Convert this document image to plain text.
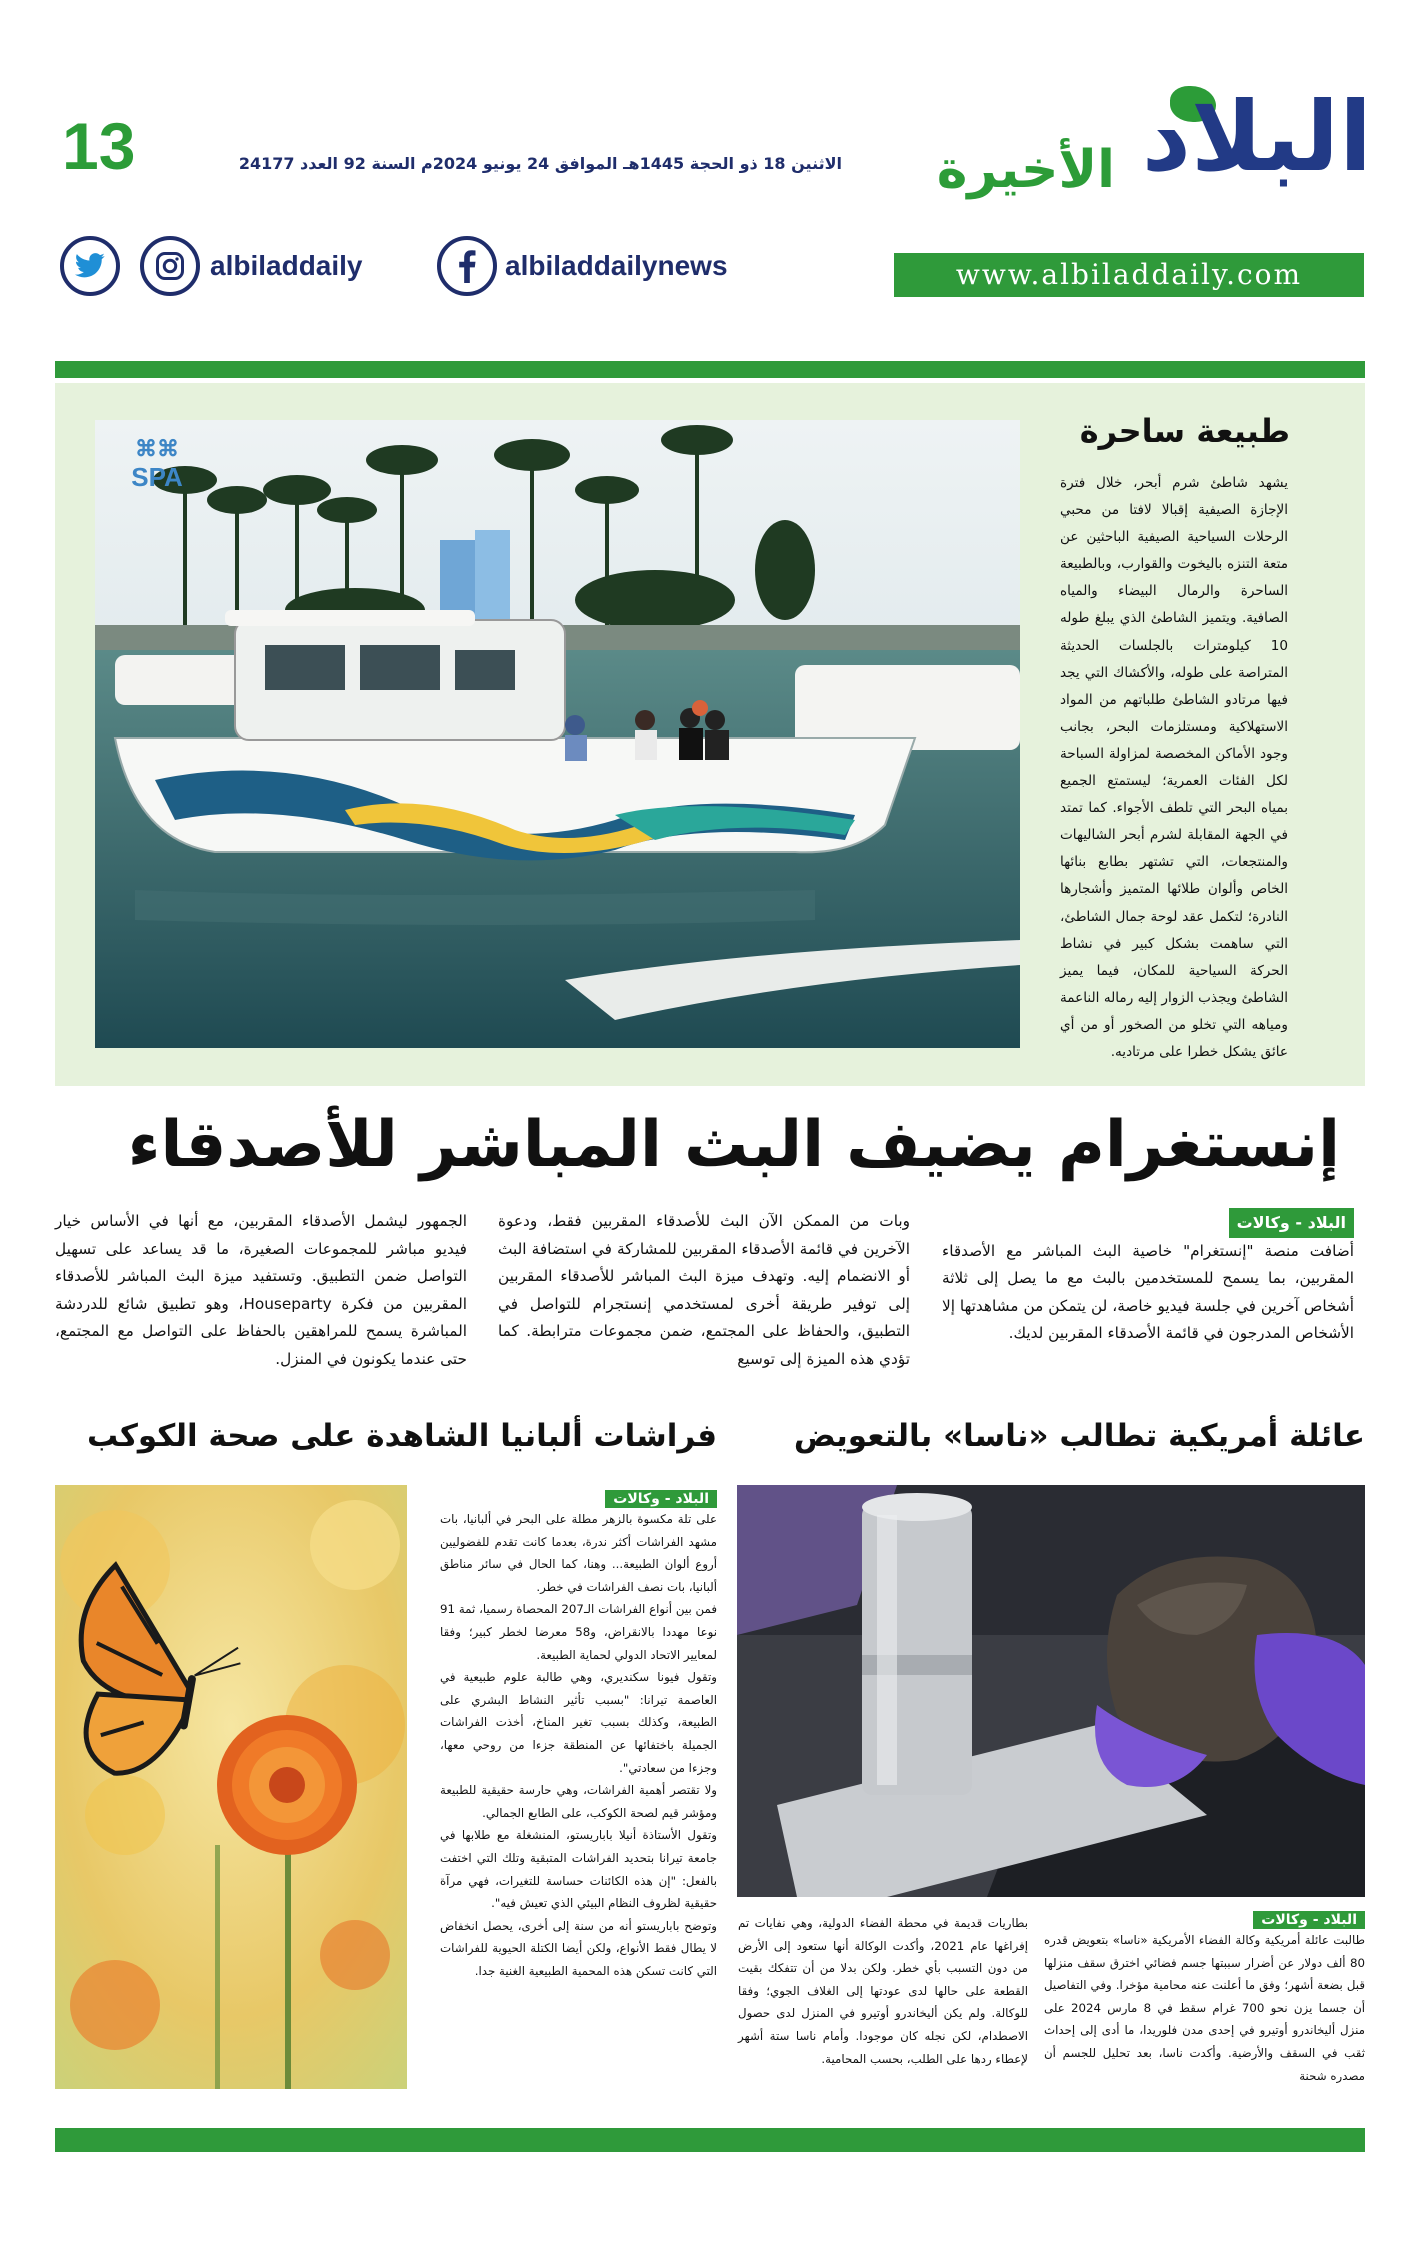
13	الاثنين 18 ذو الحجة 1445هـ الموافق 24 يونيو 2024م السنة 92 العدد 24177	البلاد
الأخيرة
www.albiladdaily.com
albiladdaily	albiladdailynews
⌘⌘
SPA
طبيعة ساحرة
يشهد شاطئ شرم أبحر، خلال فترة الإجازة الصيفية إقبالا لافتا من محبي الرحلات السياحية الصيفية الباحثين عن متعة التنزه باليخوت والقوارب، وبالطبيعة الساحرة والرمال البيضاء والمياه الصافية. ويتميز الشاطئ الذي يبلغ طوله 10 كيلومترات بالجلسات الحديثة المتراصة على طوله، والأكشاك التي يجد فيها مرتادو الشاطئ طلباتهم من المواد الاستهلاكية ومستلزمات البحر، بجانب وجود الأماكن المخصصة لمزاولة السباحة لكل الفئات العمرية؛ ليستمتع الجميع بمياه البحر التي تلطف الأجواء. كما تمتد في الجهة المقابلة لشرم أبحر الشاليهات والمنتجعات، التي تشتهر بطابع بنائها الخاص وألوان طلائها المتميز وأشجارها النادرة؛ لتكمل عقد لوحة جمال الشاطئ، التي ساهمت بشكل كبير في نشاط الحركة السياحية للمكان، فيما يميز الشاطئ ويجذب الزوار إليه رماله الناعمة ومياهه التي تخلو من الصخور أو من أي عائق يشكل خطرا على مرتاديه.
إنستغرام يضيف البث المباشر للأصدقاء
البلاد - وكالات
أضافت منصة "إنستغرام" خاصية البث المباشر مع الأصدقاء المقربين، بما يسمح للمستخدمين بالبث مع ما يصل إلى ثلاثة أشخاص آخرين في جلسة فيديو خاصة، لن يتمكن من مشاهدتها إلا الأشخاص المدرجون في قائمة الأصدقاء المقربين لديك.
وبات من الممكن الآن البث للأصدقاء المقربين فقط، ودعوة الآخرين في قائمة الأصدقاء المقربين للمشاركة في استضافة البث أو الانضمام إليه. وتهدف ميزة البث المباشر للأصدقاء المقربين إلى توفير طريقة أخرى لمستخدمي إنستجرام للتواصل في التطبيق، والحفاظ على المجتمع، ضمن مجموعات مترابطة. كما تؤدي هذه الميزة إلى توسيع
الجمهور ليشمل الأصدقاء المقربين، مع أنها في الأساس خيار فيديو مباشر للمجموعات الصغيرة، ما قد يساعد على تسهيل التواصل ضمن التطبيق. وتستفيد ميزة البث المباشر للأصدقاء المقربين من فكرة Houseparty، وهو تطبيق شائع للدردشة المباشرة يسمح للمراهقين بالحفاظ على التواصل مع المجتمع، حتى عندما يكونون في المنزل.
عائلة أمريكية تطالب «ناسا» بالتعويض
البلاد - وكالات
طالبت عائلة أمريكية وكالة الفضاء الأمريكية «ناسا» بتعويض قدره 80 ألف دولار عن أضرار سببتها جسم فضائي اخترق سقف منزلها قبل بضعة أشهر؛ وفق ما أعلنت عنه محامية مؤخرا. وفي التفاصيل أن جسما يزن نحو 700 غرام سقط في 8 مارس 2024 على منزل أليخاندرو أوتيرو في إحدى مدن فلوريدا، ما أدى إلى إحداث ثقب في السقف والأرضية. وأكدت ناسا، بعد تحليل للجسم أن مصدره شحنة
بطاريات قديمة في محطة الفضاء الدولية، وهي نفايات تم إفراغها عام 2021، وأكدت الوكالة أنها ستعود إلى الأرض من دون التسبب بأي خطر. ولكن بدلا من أن تتفكك بقيت القطعة على حالها لدى عودتها إلى الغلاف الجوي؛ وفقا للوكالة. ولم يكن أليخاندرو أوتيرو في المنزل لدى حصول الاصطدام، لكن نجله كان موجودا. وأمام ناسا ستة أشهر لإعطاء ردها على الطلب، بحسب المحامية.
فراشات ألبانيا الشاهدة على صحة الكوكب
البلاد - وكالات
على تلة مكسوة بالزهر مطلة على البحر في ألبانيا، بات مشهد الفراشات أكثر ندرة، بعدما كانت تقدم للفضوليين أروع ألوان الطبيعة... وهنا، كما الحال في سائر مناطق ألبانيا، بات نصف الفراشات في خطر.
فمن بين أنواع الفراشات الـ207 المحصاة رسميا، ثمة 91 نوعا مهددا بالانقراض، و58 معرضا لخطر كبير؛ وفقا لمعايير الاتحاد الدولي لحماية الطبيعة.
وتقول فيونا سكنديري، وهي طالبة علوم طبيعية في العاصمة تيرانا: "بسبب تأثير النشاط البشري على الطبيعة، وكذلك بسبب تغير المناخ، أخذت الفراشات الجميلة باختفائها عن المنطقة جزءا من روحي معها، وجزءا من سعادتي".
ولا تقتصر أهمية الفراشات، وهي حارسة حقيقية للطبيعة ومؤشر قيم لصحة الكوكب، على الطابع الجمالي.
وتقول الأستاذة أنيلا باباريستو، المنشغلة مع طلابها في جامعة تيرانا بتحديد الفراشات المتبقية وتلك التي اختفت بالفعل: "إن هذه الكائنات حساسة للتغيرات، فهي مرآة حقيقية لظروف النظام البيئي الذي تعيش فيه".
وتوضح باباريستو أنه من سنة إلى أخرى، يحصل انخفاض لا يطال فقط الأنواع، ولكن أيضا الكتلة الحيوية للفراشات التي كانت تسكن هذه المحمية الطبيعية الغنية جدا.
